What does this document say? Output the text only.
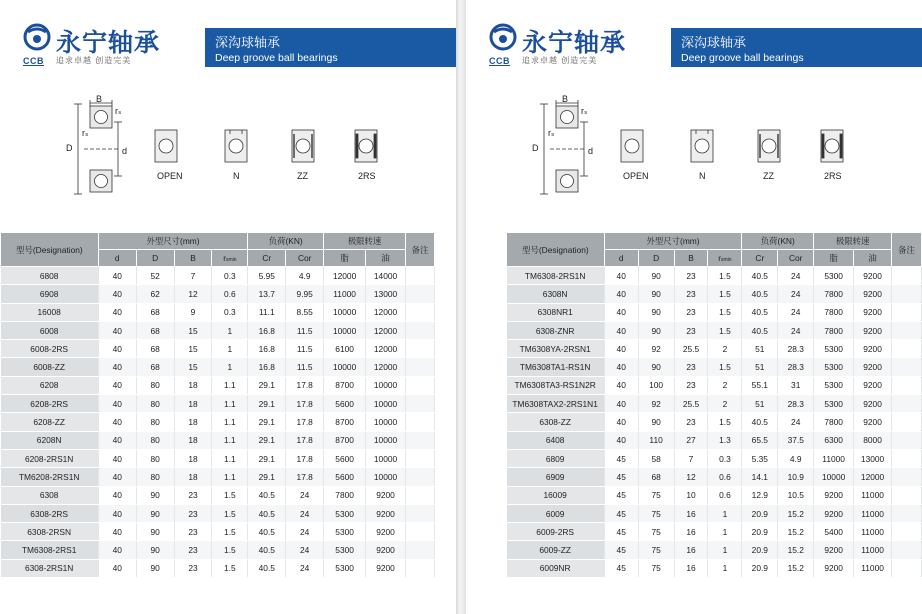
永宁轴承
CCB 追求卓越 创造完美
深沟球轴承
Deep groove ball bearings
B
rₛ
rₛ
D	d
OPEN	N	ZZ	2RS
型号(Designation)	外型尺寸(mm)				负荷(KN)		极限转速		备注
	d	D	B	rsmin	Cr	Cor	脂	油	
6808	40	52	7	0.3	5.95	4.9	12000	14000	
6908	40	62	12	0.6	13.7	9.95	11000	13000	
16008	40	68	9	0.3	11.1	8.55	10000	12000	
6008	40	68	15	1	16.8	11.5	10000	12000	
6008-2RS	40	68	15	1	16.8	11.5	6100	12000	
6008-ZZ	40	68	15	1	16.8	11.5	10000	12000	
6208	40	80	18	1.1	29.1	17.8	8700	10000	
6208-2RS	40	80	18	1.1	29.1	17.8	5600	10000	
6208-ZZ	40	80	18	1.1	29.1	17.8	8700	10000	
6208N	40	80	18	1.1	29.1	17.8	8700	10000	
6208-2RS1N	40	80	18	1.1	29.1	17.8	5600	10000	
TM6208-2RS1N	40	80	18	1.1	29.1	17.8	5600	10000	
6308	40	90	23	1.5	40.5	24	7800	9200	
6308-2RS	40	90	23	1.5	40.5	24	5300	9200	
6308-2RSN	40	90	23	1.5	40.5	24	5300	9200	
TM6308-2RS1	40	90	23	1.5	40.5	24	5300	9200	
6308-2RS1N	40	90	23	1.5	40.5	24	5300	9200	
永宁轴承
CCB 追求卓越 创造完美
深沟球轴承
Deep groove ball bearings
B
rₛ
rₛ
D	d
OPEN	N	ZZ	2RS
型号(Designation)	外型尺寸(mm)				负荷(KN)		极限转速		备注
	d	D	B	rsmin	Cr	Cor	脂	油	
TM6308-2RS1N	40	90	23	1.5	40.5	24	5300	9200	
6308N	40	90	23	1.5	40.5	24	7800	9200	
6308NR1	40	90	23	1.5	40.5	24	7800	9200	
6308-ZNR	40	90	23	1.5	40.5	24	7800	9200	
TM6308YA-2RSN1	40	92	25.5	2	51	28.3	5300	9200	
TM6308TA1-RS1N	40	90	23	1.5	51	28.3	5300	9200	
TM6308TA3-RS1N2R	40	100	23	2	55.1	31	5300	9200	
TM6308TAX2-2RS1N1	40	92	25.5	2	51	28.3	5300	9200	
6308-ZZ	40	90	23	1.5	40.5	24	7800	9200	
6408	40	110	27	1.3	65.5	37.5	6300	8000	
6809	45	58	7	0.3	5.35	4.9	11000	13000	
6909	45	68	12	0.6	14.1	10.9	10000	12000	
16009	45	75	10	0.6	12.9	10.5	9200	11000	
6009	45	75	16	1	20.9	15.2	9200	11000	
6009-2RS	45	75	16	1	20.9	15.2	5400	11000	
6009-ZZ	45	75	16	1	20.9	15.2	9200	11000	
6009NR	45	75	16	1	20.9	15.2	9200	11000	
